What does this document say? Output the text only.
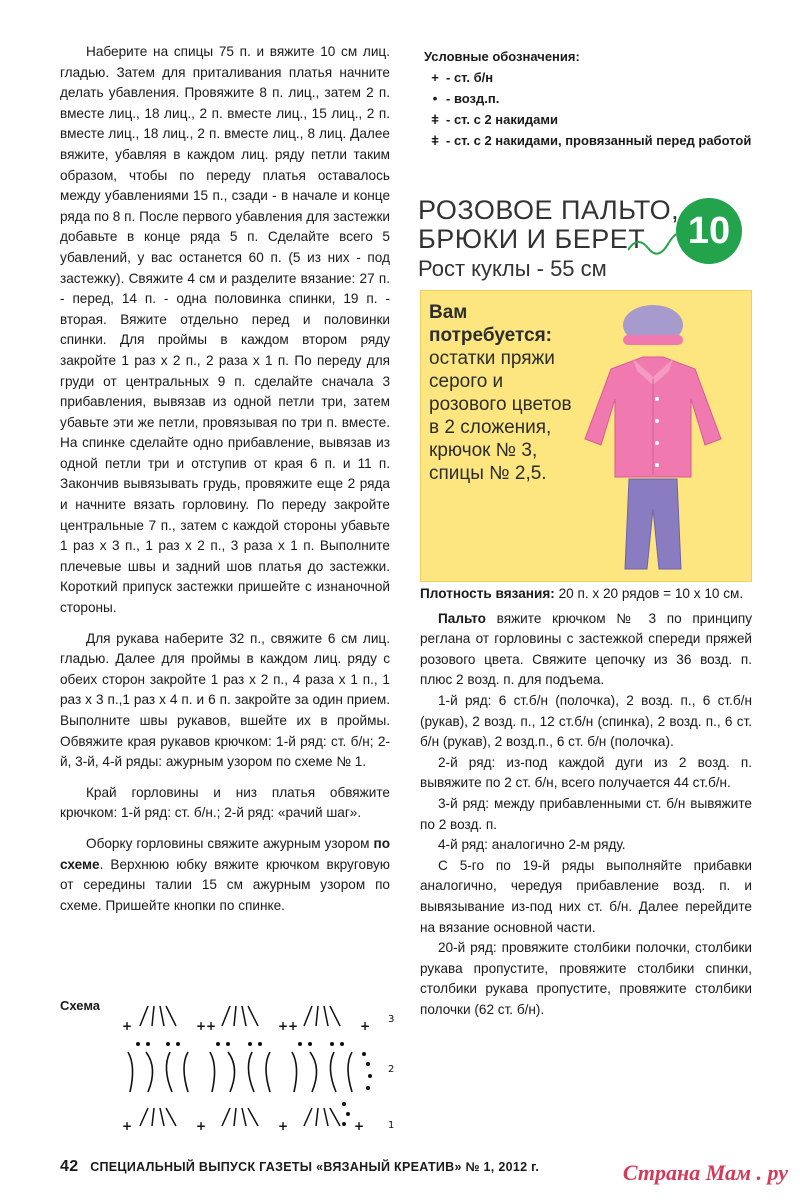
Наберите на спицы 75 п. и вяжите 10 см лиц. гладью. Затем для приталивания платья начните делать убавления. Провяжите 8 п. лиц., затем 2 п. вместе лиц., 18 лиц., 2 п. вместе лиц., 15 лиц., 2 п. вместе лиц., 18 лиц., 2 п. вместе лиц., 8 лиц. Далее вяжите, убавляя в каждом лиц. ряду петли таким образом, чтобы по переду платья оставалось между убавлениями 15 п., сзади - в начале и конце ряда по 8 п. После первого убавления для застежки добавьте в конце ряда 5 п. Сделайте всего 5 убавлений, у вас останется 60 п. (5 из них - под застежку). Свяжите 4 см и разделите вязание: 27 п. - перед, 14 п. - одна половинка спинки, 19 п. - вторая. Вяжите отдельно перед и половинки спинки. Для проймы в каждом втором ряду закройте 1 раз х 2 п., 2 раза х 1 п. По переду для груди от центральных 9 п. сделайте сначала 3 прибавления, вывязав из одной петли три, затем убавьте эти же петли, провязывая по три п. вместе. На спинке сделайте одно прибавление, вывязав из одной петли три и отступив от края 6 п. и 11 п. Закончив вывязывать грудь, провяжите еще 2 ряда и начните вязать горловину. По переду закройте центральные 7 п., затем с каждой стороны убавьте 1 раз х 3 п., 1 раз х 2 п., 3 раза х 1 п. Выполните плечевые швы и задний шов платья до застежки. Короткий припуск застежки пришейте с изнаночной стороны.

Для рукава наберите 32 п., свяжите 6 см лиц. гладью. Далее для проймы в каждом лиц. ряду с обеих сторон закройте 1 раз х 2 п., 4 раза х 1 п., 1 раз х 3 п.,1 раз х 4 п. и 6 п. закройте за один прием. Выполните швы рукавов, вшейте их в проймы. Обвяжите края рукавов крючком: 1-й ряд: ст. б/н; 2-й, 3-й, 4-й ряды: ажурным узором по схеме № 1.

Край горловины и низ платья обвяжите крючком: 1-й ряд: ст. б/н.; 2-й ряд: «рачий шаг».

Оборку горловины свяжите ажурным узором по схеме. Верхнюю юбку вяжите крючком вкруговую от середины талии 15 см ажурным узором по схеме. Пришейте кнопки по спинке.

Условные обозначения:
+ - ст. б/н
• - возд.п.
ǂ - ст. с 2 накидами
ǂ - ст. с 2 накидами, провязанный перед работой
РОЗОВОЕ ПАЛЬТО,
БРЮКИ И БЕРЕТ
Рост куклы - 55 см
10
Вам потребуется:
остатки пряжи серого и розового цветов в 2 сложения, крючок № 3, спицы № 2,5.

Плотность вязания: 20 п. х 20 рядов = 10 х 10 см.

Пальто вяжите крючком № 3 по принципу реглана от горловины с застежкой спереди пряжей розового цвета. Свяжите цепочку из 36 возд. п. плюс 2 возд. п. для подъема.

1-й ряд: 6 ст.б/н (полочка), 2 возд. п., 6 ст.б/н (рукав), 2 возд. п., 12 ст.б/н (спинка), 2 возд. п., 6 ст. б/н (рукав), 2 возд.п., 6 ст. б/н (полочка).

2-й ряд: из-под каждой дуги из 2 возд. п. вывяжите по 2 ст. б/н, всего получается 44 ст.б/н.

3-й ряд: между прибавленными ст. б/н вывяжите по 2 возд. п.

4-й ряд: аналогично 2-м ряду.

С 5-го по 19-й ряды выполняйте прибавки аналогично, чередуя прибавление возд. п. и вывязывание из-под них ст. б/н. Далее перейдите на вязание основной части.

20-й ряд: провяжите столбики полочки, столбики рукава пропустите, провяжите столбики спинки, столбики рукава пропустите, провяжите столбики полочки (62 ст. б/н).

Схема
+	++	++	+
+	+	+	+
3
2
1
42 СПЕЦИАЛЬНЫЙ ВЫПУСК ГАЗЕТЫ «ВЯЗАНЫЙ КРЕАТИВ» № 1, 2012 г.	Страна Мам . ру
